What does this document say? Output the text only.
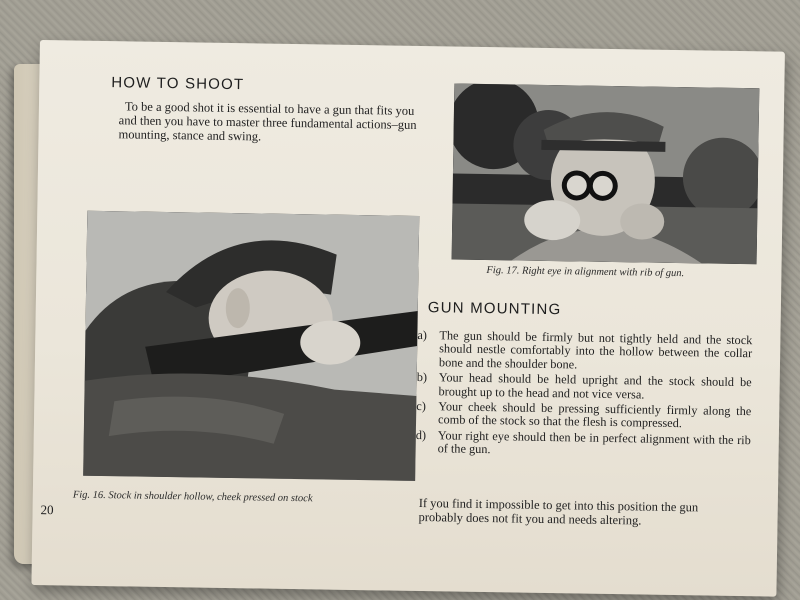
HOW TO SHOOT

To be a good shot it is essential to have a gun that fits you and then you have to master three fundamental actions–gun mounting, stance and swing.

Fig. 17. Right eye in alignment with rib of gun.

Fig. 16. Stock in shoulder hollow, cheek pressed on stock

20
GUN MOUNTING
a) The gun should be firmly but not tightly held and the stock should nestle comfortably into the hollow between the collar bone and the shoulder bone.
b) Your head should be held upright and the stock should be brought up to the head and not vice versa.
c) Your cheek should be pressing sufficiently firmly along the comb of the stock so that the flesh is compressed.
d) Your right eye should then be in perfect alignment with the rib of the gun.

If you find it impossible to get into this position the gun probably does not fit you and needs altering.
